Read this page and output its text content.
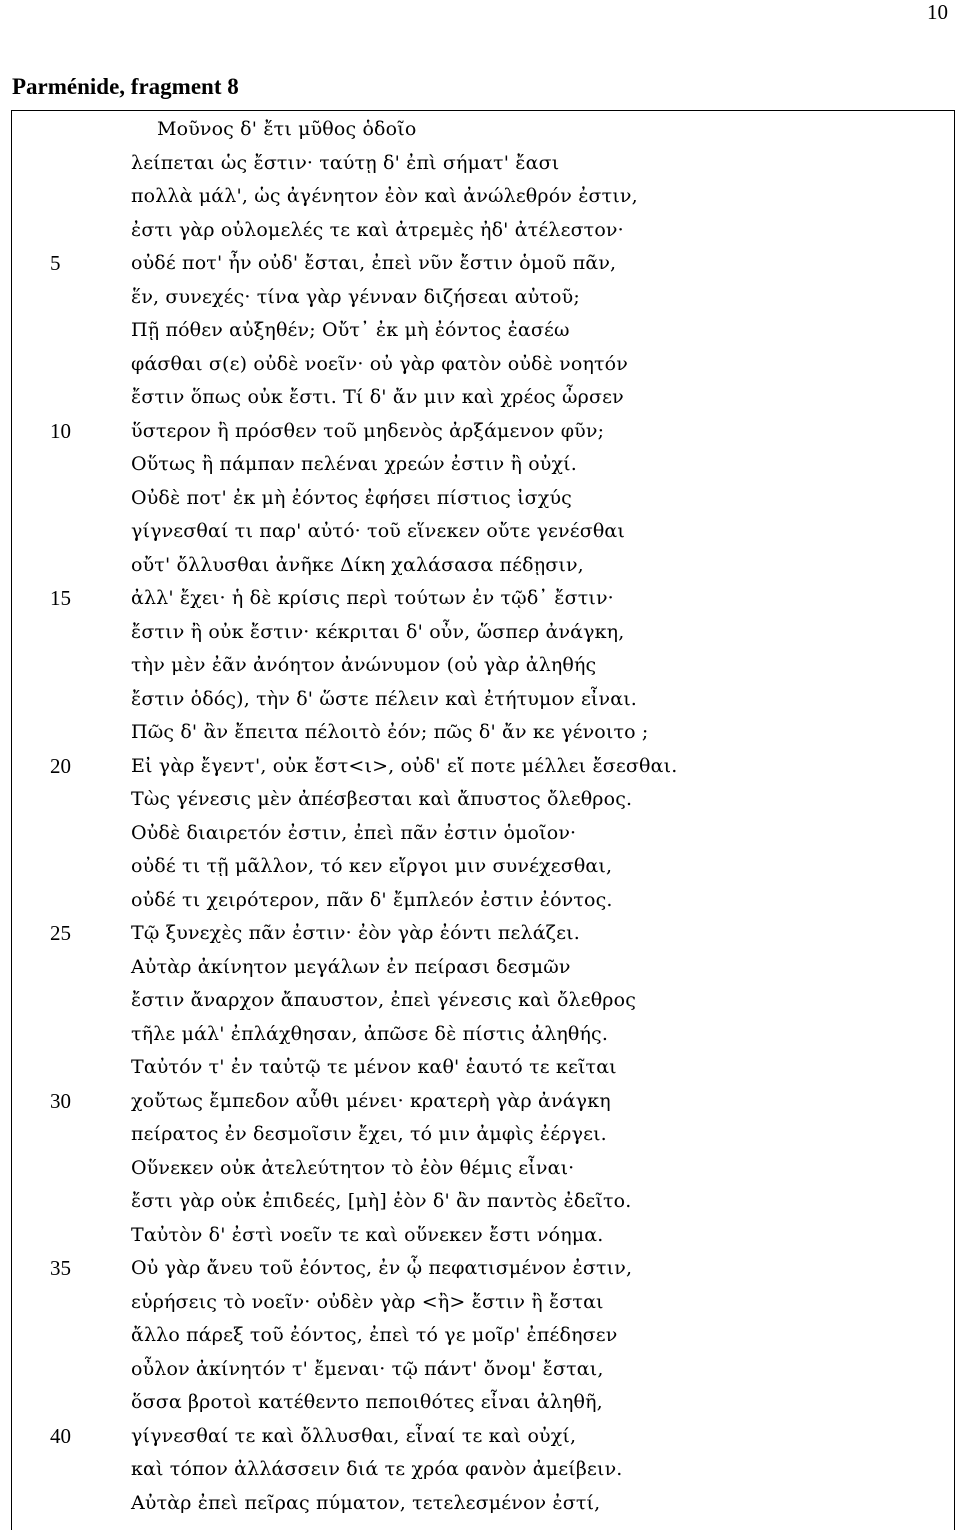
10
Parménide, fragment 8
Μοῦνος δ' ἔτι μῦθος ὁδοῖο
λείπεται ὡς ἔστιν· ταύτῃ δ' ἐπὶ σήματ' ἔασι
πολλὰ μάλ', ὡς ἀγένητον ἐὸν καὶ ἀνώλεθρόν ἐστιν,
ἐστι γὰρ οὐλομελές τε καὶ ἀτρεμὲς ἠδ' ἀτέλεστον·
5	οὐδέ ποτ' ἦν οὐδ' ἔσται, ἐπεὶ νῦν ἔστιν ὁμοῦ πᾶν,
ἕν, συνεχές· τίνα γὰρ γένναν διζήσεαι αὐτοῦ;
Πῇ πόθεν αὐξηθέν; Οὔτ᾽ ἐκ μὴ ἐόντος ἐασέω
φάσθαι σ(ε) οὐδὲ νοεῖν· οὐ γὰρ φατὸν οὐδὲ νοητόν
ἔστιν ὅπως οὐκ ἔστι. Τί δ' ἄν μιν καὶ χρέος ὦρσεν
10	ὕστερον ἢ πρόσθεν τοῦ μηδενὸς ἀρξάμενον φῦν;
Οὕτως ἢ πάμπαν πελέναι χρεών ἐστιν ἢ οὐχί.
Οὐδὲ ποτ' ἐκ μὴ ἐόντος ἐφήσει πίστιος ἰσχύς
γίγνεσθαί τι παρ' αὐτό· τοῦ εἵνεκεν οὔτε γενέσθαι
οὔτ' ὄλλυσθαι ἀνῆκε Δίκη χαλάσασα πέδῃσιν,
15	ἀλλ' ἔχει· ἡ δὲ κρίσις περὶ τούτων ἐν τῷδ᾽ ἔστιν·
ἔστιν ἢ οὐκ ἔστιν· κέκριται δ' οὖν, ὥσπερ ἀνάγκη,
τὴν μὲν ἐᾶν ἀνόητον ἀνώνυμον (οὐ γὰρ ἀληθής
ἔστιν ὁδός), τὴν δ' ὥστε πέλειν καὶ ἐτήτυμον εἶναι.
Πῶς δ' ἂν ἔπειτα πέλοιτὸ ἐόν; πῶς δ' ἄν κε γένοιτο ;
20	Εἰ γὰρ ἔγεντ', οὐκ ἔστ<ι>, οὐδ' εἴ ποτε μέλλει ἔσεσθαι.
Τὼς γένεσις μὲν ἀπέσβεσται καὶ ἄπυστος ὄλεθρος.
Οὐδὲ διαιρετόν ἐστιν, ἐπεὶ πᾶν ἐστιν ὁμοῖον·
οὐδέ τι τῇ μᾶλλον, τό κεν εἴργοι μιν συνέχεσθαι,
οὐδέ τι χειρότερον, πᾶν δ' ἔμπλεόν ἐστιν ἐόντος.
25	Τῷ ξυνεχὲς πᾶν ἐστιν· ἐὸν γὰρ ἐόντι πελάζει.
Αὐτὰρ ἀκίνητον μεγάλων ἐν πείρασι δεσμῶν
ἔστιν ἄναρχον ἄπαυστον, ἐπεὶ γένεσις καὶ ὄλεθρος
τῆλε μάλ' ἐπλάχθησαν, ἀπῶσε δὲ πίστις ἀληθής.
Ταὐτόν τ' ἐν ταὐτῷ τε μένον καθ' ἑαυτό τε κεῖται
30	χοὔτως ἔμπεδον αὖθι μένει· κρατερὴ γὰρ ἀνάγκη
πείρατος ἐν δεσμοῖσιν ἔχει, τό μιν ἀμφὶς ἐέργει.
Οὕνεκεν οὐκ ἀτελεύτητον τὸ ἐὸν θέμις εἶναι·
ἔστι γὰρ οὐκ ἐπιδεές, [μὴ] ἐὸν δ' ἂν παντὸς ἐδεῖτο.
Ταὐτὸν δ' ἐστὶ νοεῖν τε καὶ οὕνεκεν ἔστι νόημα.
35	Οὐ γὰρ ἄνευ τοῦ ἐόντος, ἐν ᾧ πεφατισμένον ἐστιν,
εὑρήσεις τὸ νοεῖν· οὐδὲν γὰρ <ἢ> ἔστιν ἢ ἔσται
ἄλλο πάρεξ τοῦ ἐόντος, ἐπεὶ τό γε μοῖρ' ἐπέδησεν
οὖλον ἀκίνητόν τ' ἔμεναι· τῷ πάντ' ὄνομ' ἔσται,
ὅσσα βροτοὶ κατέθεντο πεποιθότες εἶναι ἀληθῆ,
40	γίγνεσθαί τε καὶ ὄλλυσθαι, εἶναί τε καὶ οὐχί,
καὶ τόπον ἀλλάσσειν διά τε χρόα φανὸν ἀμείβειν.
Αὐτὰρ ἐπεὶ πεῖρας πύματον, τετελεσμένον ἐστί,
